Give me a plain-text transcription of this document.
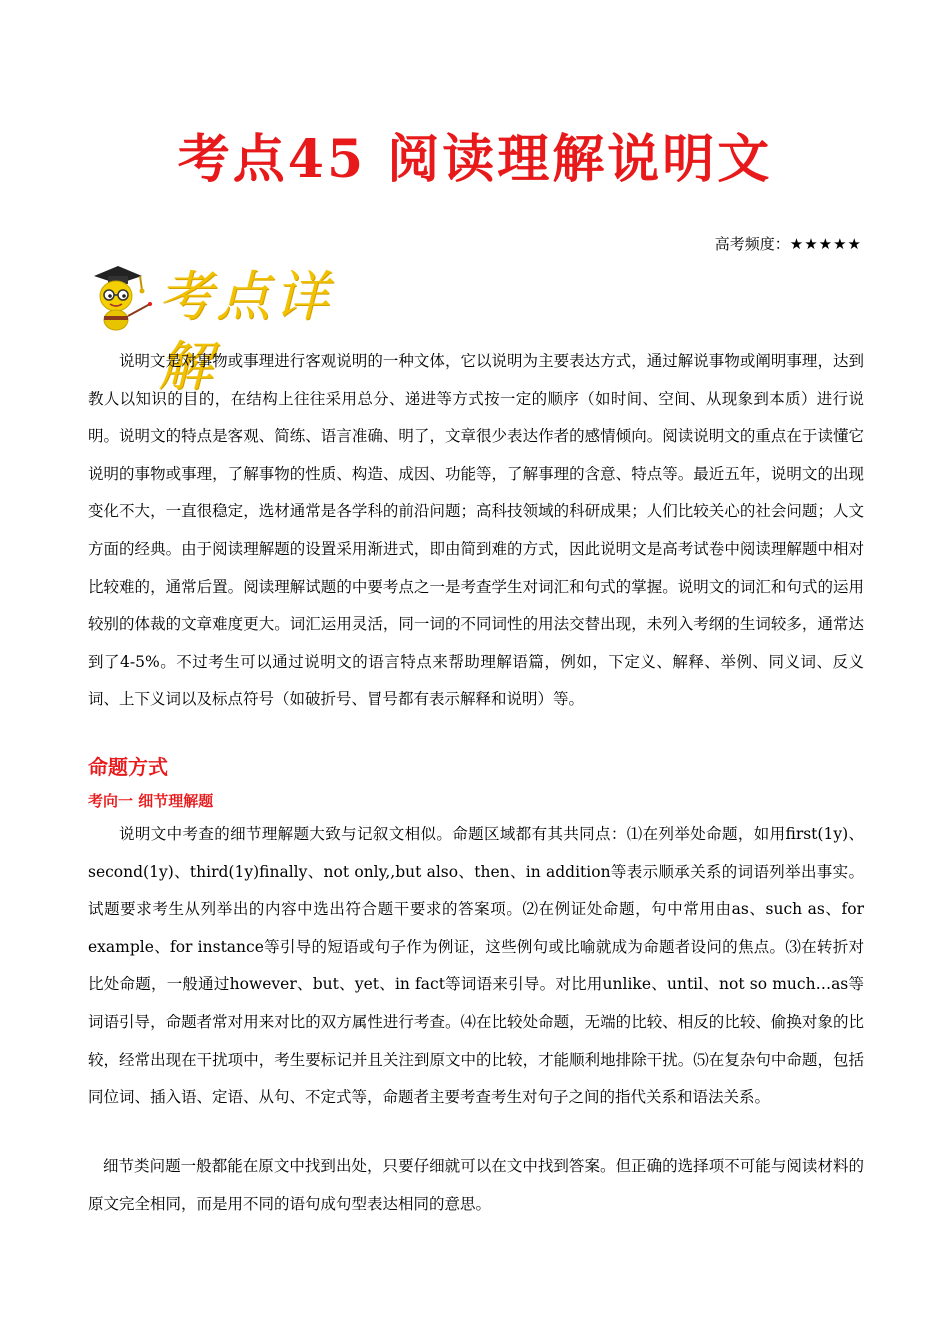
考点45 阅读理解说明文
高考频度：★★★★★
考点详解

说明文是对事物或事理进行客观说明的一种文体，它以说明为主要表达方式，通过解说事物或阐明事理，达到教人以知识的目的，在结构上往往采用总分、递进等方式按一定的顺序（如时间、空间、从现象到本质）进行说明。说明文的特点是客观、简练、语言准确、明了，文章很少表达作者的感情倾向。阅读说明文的重点在于读懂它说明的事物或事理，了解事物的性质、构造、成因、功能等，了解事理的含意、特点等。最近五年，说明文的出现变化不大，一直很稳定，选材通常是各学科的前沿问题；高科技领域的科研成果；人们比较关心的社会问题；人文方面的经典。由于阅读理解题的设置采用渐进式，即由简到难的方式，因此说明文是高考试卷中阅读理解题中相对比较难的，通常后置。阅读理解试题的中要考点之一是考查学生对词汇和句式的掌握。说明文的词汇和句式的运用较别的体裁的文章难度更大。词汇运用灵活，同一词的不同词性的用法交替出现，未列入考纲的生词较多，通常达到了4-5%。不过考生可以通过说明文的语言特点来帮助理解语篇，例如，下定义、解释、举例、同义词、反义词、上下义词以及标点符号（如破折号、冒号都有表示解释和说明）等。

命题方式
考向一 细节理解题

说明文中考查的细节理解题大致与记叙文相似。命题区域都有其共同点：⑴在列举处命题，如用first(1y)、second(1y)、third(1y)finally、not only,,but also、then、in addition等表示顺承关系的词语列举出事实。试题要求考生从列举出的内容中选出符合题干要求的答案项。⑵在例证处命题，句中常用由as、such as、for example、for instance等引导的短语或句子作为例证，这些例句或比喻就成为命题者设问的焦点。⑶在转折对比处命题，一般通过however、but、yet、in fact等词语来引导。对比用unlike、until、not so much…as等词语引导，命题者常对用来对比的双方属性进行考查。⑷在比较处命题，无端的比较、相反的比较、偷换对象的比较，经常出现在干扰项中，考生要标记并且关注到原文中的比较，才能顺利地排除干扰。⑸在复杂句中命题，包括同位词、插入语、定语、从句、不定式等，命题者主要考查考生对句子之间的指代关系和语法关系。

细节类问题一般都能在原文中找到出处，只要仔细就可以在文中找到答案。但正确的选择项不可能与阅读材料的原文完全相同，而是用不同的语句成句型表达相同的意思。
